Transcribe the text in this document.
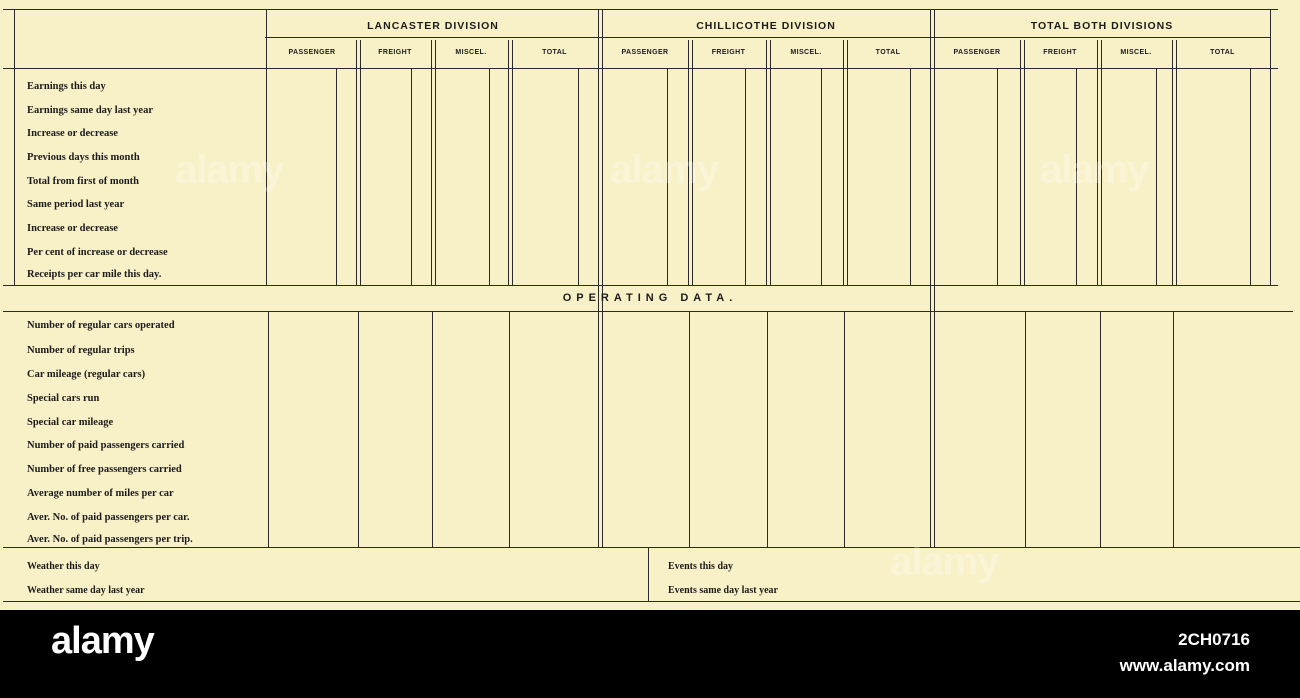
LANCASTER DIVISION	CHILLICOTHE DIVISION	TOTAL BOTH DIVISIONS
PASSENGER	FREIGHT	MISCEL.	TOTAL	PASSENGER	FREIGHT	MISCEL.	TOTAL	PASSENGER	FREIGHT	MISCEL.	TOTAL
Earnings this day
Earnings same day last year
Increase or decrease
Previous days this month
Total from first of month
Same period last year
Increase or decrease
Per cent of increase or decrease
Receipts per car mile this day.
OPERATING DATA.
Number of regular cars operated
Number of regular trips
Car mileage (regular cars)
Special cars run
Special car mileage
Number of paid passengers carried
Number of free passengers carried
Average number of miles per car
Aver. No. of paid passengers per car.
Aver. No. of paid passengers per trip.
Weather this day
Weather same day last year
Events this day
Events same day last year
alamy	alamy	alamy
alamy
alamy	2CH0716
www.alamy.com
